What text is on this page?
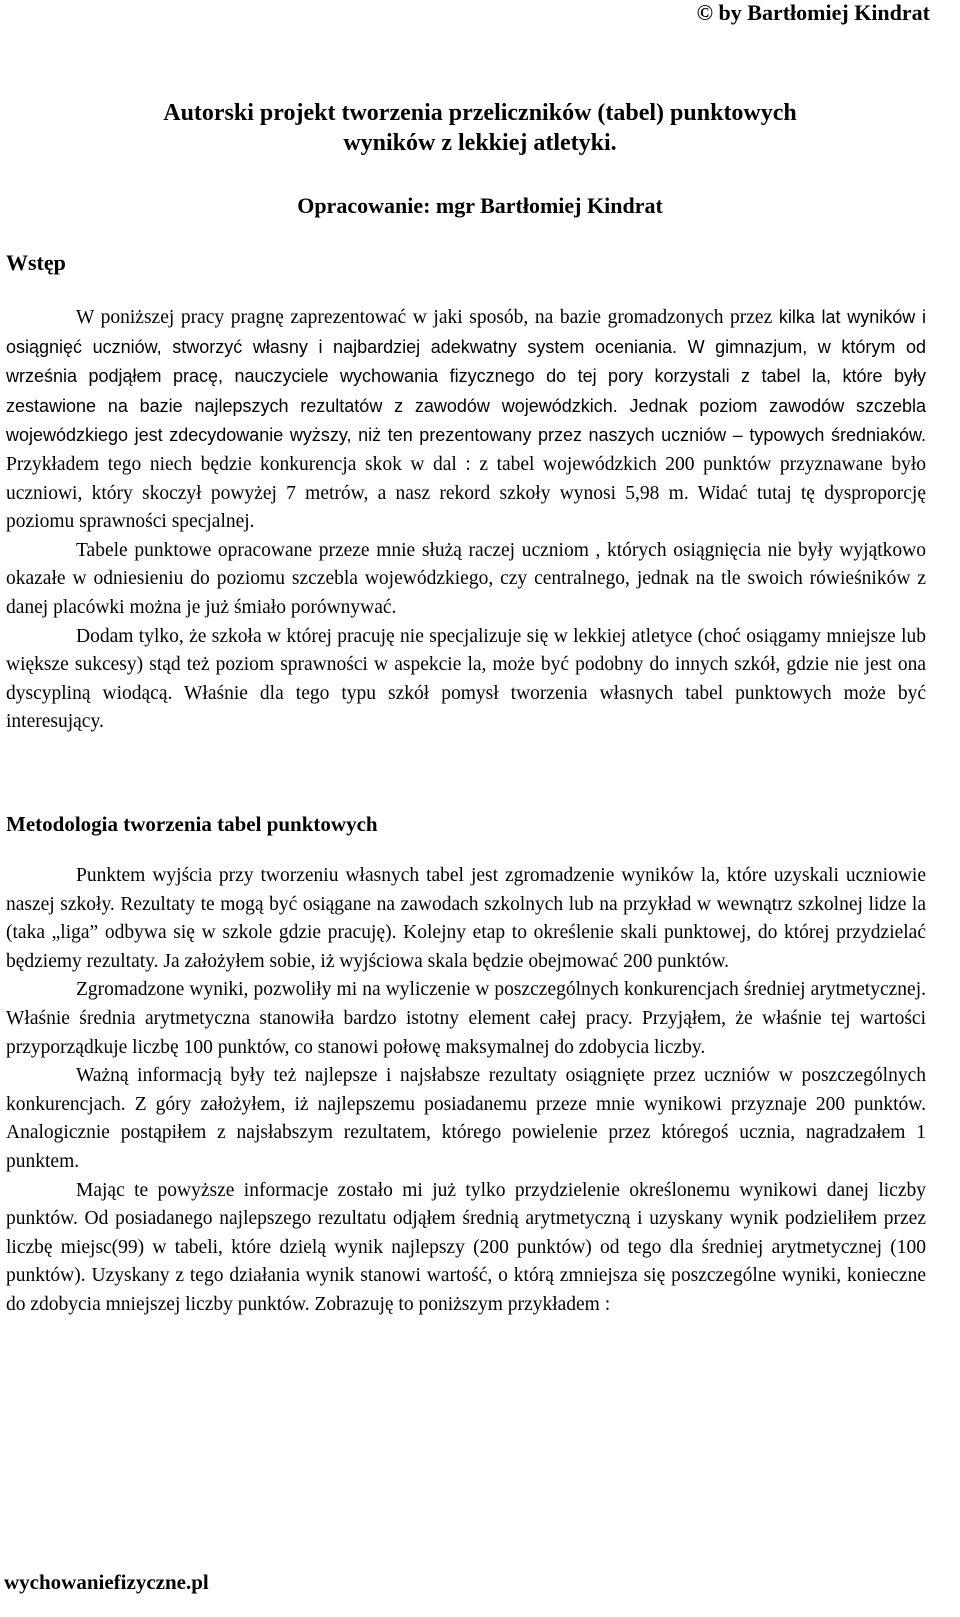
© by Bartłomiej Kindrat
Autorski projekt tworzenia przeliczników (tabel) punktowych
wyników z lekkiej atletyki.
Opracowanie: mgr Bartłomiej Kindrat
Wstęp

W poniższej pracy pragnę zaprezentować w jaki sposób, na bazie gromadzonych przez kilka lat wyników i osiągnięć uczniów, stworzyć własny i najbardziej adekwatny system oceniania. W gimnazjum, w którym od września podjąłem pracę, nauczyciele wychowania fizycznego do tej pory korzystali z tabel la, które były zestawione na bazie najlepszych rezultatów z zawodów wojewódzkich. Jednak poziom zawodów szczebla wojewódzkiego jest zdecydowanie wyższy, niż ten prezentowany przez naszych uczniów – typowych średniaków. Przykładem tego niech będzie konkurencja skok w dal : z tabel wojewódzkich 200 punktów przyznawane było uczniowi, który skoczył powyżej 7 metrów, a nasz rekord szkoły wynosi 5,98 m. Widać tutaj tę dysproporcję poziomu sprawności specjalnej.

Tabele punktowe opracowane przeze mnie służą raczej uczniom , których osiągnięcia nie były wyjątkowo okazałe w odniesieniu do poziomu szczebla wojewódzkiego, czy centralnego, jednak na tle swoich rówieśników z danej placówki można je już śmiało porównywać.

Dodam tylko, że szkoła w której pracuję nie specjalizuje się w lekkiej atletyce (choć osiągamy mniejsze lub większe sukcesy) stąd też poziom sprawności w aspekcie la, może być podobny do innych szkół, gdzie nie jest ona dyscypliną wiodącą. Właśnie dla tego typu szkół pomysł tworzenia własnych tabel punktowych może być interesujący.

Metodologia tworzenia tabel punktowych

Punktem wyjścia przy tworzeniu własnych tabel jest zgromadzenie wyników la, które uzyskali uczniowie naszej szkoły. Rezultaty te mogą być osiągane na zawodach szkolnych lub na przykład w wewnątrz szkolnej lidze la (taka „liga” odbywa się w szkole gdzie pracuję). Kolejny etap to określenie skali punktowej, do której przydzielać będziemy rezultaty. Ja założyłem sobie, iż wyjściowa skala będzie obejmować 200 punktów.

Zgromadzone wyniki, pozwoliły mi na wyliczenie w poszczególnych konkurencjach średniej arytmetycznej. Właśnie średnia arytmetyczna stanowiła bardzo istotny element całej pracy. Przyjąłem, że właśnie tej wartości przyporządkuje liczbę 100 punktów, co stanowi połowę maksymalnej do zdobycia liczby.

Ważną informacją były też najlepsze i najsłabsze rezultaty osiągnięte przez uczniów w poszczególnych konkurencjach. Z góry założyłem, iż najlepszemu posiadanemu przeze mnie wynikowi przyznaje 200 punktów. Analogicznie postąpiłem z najsłabszym rezultatem, którego powielenie przez któregoś ucznia, nagradzałem 1 punktem.

Mając te powyższe informacje zostało mi już tylko przydzielenie określonemu wynikowi danej liczby punktów. Od posiadanego najlepszego rezultatu odjąłem średnią arytmetyczną i uzyskany wynik podzieliłem przez liczbę miejsc(99) w tabeli, które dzielą wynik najlepszy (200 punktów) od tego dla średniej arytmetycznej (100 punktów). Uzyskany z tego działania wynik stanowi wartość, o którą zmniejsza się poszczególne wyniki, konieczne do zdobycia mniejszej liczby punktów. Zobrazuję to poniższym przykładem :

wychowaniefizyczne.pl
